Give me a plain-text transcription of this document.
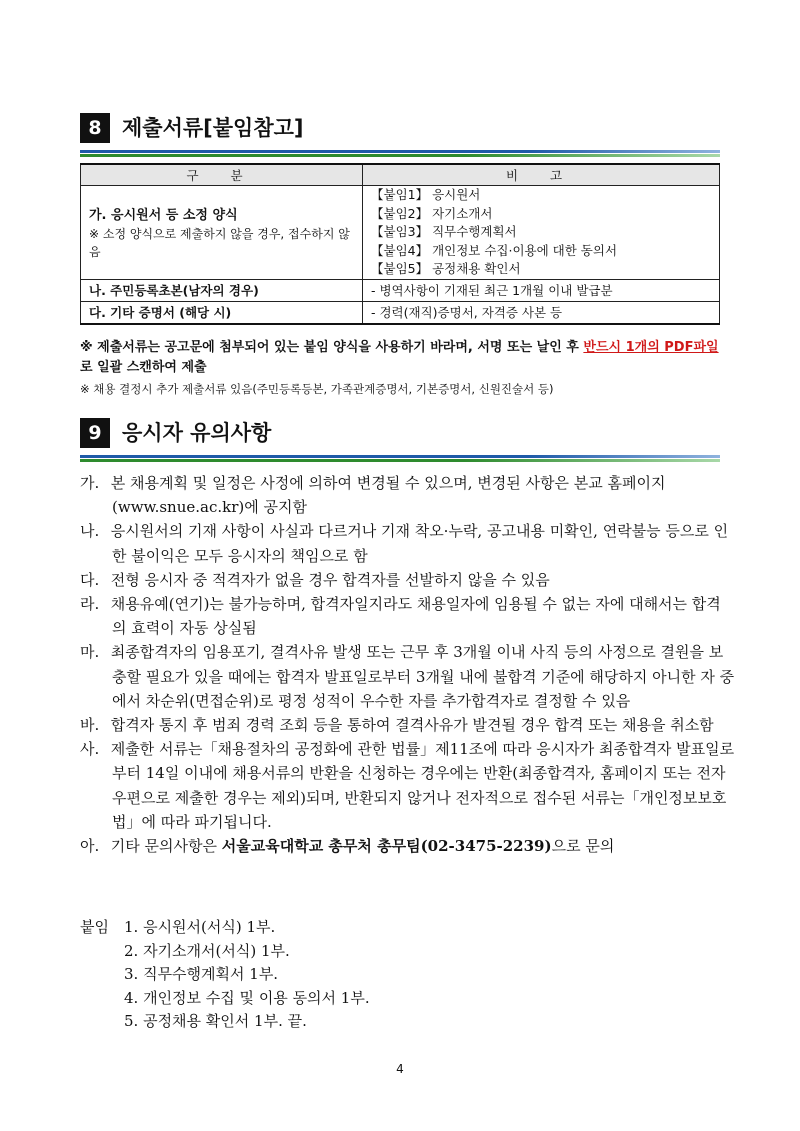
8 제출서류[붙임참고]
구 분	비 고

가. 응시원서 등 소정 양식
※ 소정 양식으로 제출하지 않을 경우, 접수하지 않음	【붙임1】 응시원서
【붙임2】 자기소개서
【붙임3】 직무수행계획서
【붙임4】 개인정보 수집·이용에 대한 동의서
【붙임5】 공정채용 확인서

나. 주민등록초본(남자의 경우)	- 병역사항이 기재된 최근 1개월 이내 발급분
다. 기타 증명서 (해당 시)	- 경력(재직)증명서, 자격증 사본 등
※ 제출서류는 공고문에 첨부되어 있는 붙임 양식을 사용하기 바라며, 서명 또는 날인 후 반드시 1개의 PDF파일로 일괄 스캔하여 제출
※ 채용 결정시 추가 제출서류 있음(주민등록등본, 가족관계증명서, 기본증명서, 신원진술서 등)
9 응시자 유의사항
가. 본 채용계획 및 일정은 사정에 의하여 변경될 수 있으며, 변경된 사항은 본교 홈페이지(www.snue.ac.kr)에 공지함
나. 응시원서의 기재 사항이 사실과 다르거나 기재 착오·누락, 공고내용 미확인, 연락불능 등으로 인한 불이익은 모두 응시자의 책임으로 함
다. 전형 응시자 중 적격자가 없을 경우 합격자를 선발하지 않을 수 있음
라. 채용유예(연기)는 불가능하며, 합격자일지라도 채용일자에 임용될 수 없는 자에 대해서는 합격의 효력이 자동 상실됨
마. 최종합격자의 임용포기, 결격사유 발생 또는 근무 후 3개월 이내 사직 등의 사정으로 결원을 보충할 필요가 있을 때에는 합격자 발표일로부터 3개월 내에 불합격 기준에 해당하지 아니한 자 중에서 차순위(면접순위)로 평정 성적이 우수한 자를 추가합격자로 결정할 수 있음
바. 합격자 통지 후 범죄 경력 조회 등을 통하여 결격사유가 발견될 경우 합격 또는 채용을 취소함
사. 제출한 서류는「채용절차의 공정화에 관한 법률」제11조에 따라 응시자가 최종합격자 발표일로부터 14일 이내에 채용서류의 반환을 신청하는 경우에는 반환(최종합격자, 홈페이지 또는 전자우편으로 제출한 경우는 제외)되며, 반환되지 않거나 전자적으로 접수된 서류는「개인정보보호법」에 따라 파기됩니다.
아. 기타 문의사항은 서울교육대학교 총무처 총무팀(02-3475-2239)으로 문의
붙임	1. 응시원서(서식) 1부.
2. 자기소개서(서식) 1부.
3. 직무수행계획서 1부.
4. 개인정보 수집 및 이용 동의서 1부.
5. 공정채용 확인서 1부. 끝.
4
